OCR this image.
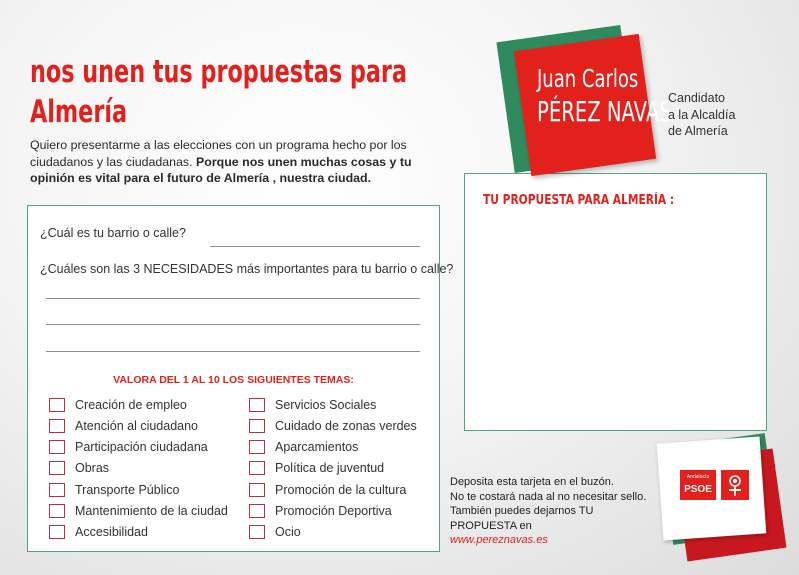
nos unen tus propuestas para
Almería
Quiero presentarme a las elecciones con un programa hecho por los ciudadanos y las ciudadanas. Porque nos unen muchas cosas y tu opinión es vital para el futuro de Almería , nuestra ciudad.
¿Cuál es tu barrio o calle?
¿Cuáles son las 3 NECESIDADES más importantes para tu barrio o calle?
VALORA DEL 1 AL 10 LOS SIGUIENTES TEMAS:
Creación de empleo
Atención al ciudadano
Participación ciudadana
Obras
Transporte Público
Mantenimiento de la ciudad
Accesibilidad
Servicios Sociales
Cuidado de zonas verdes
Aparcamientos
Política de juventud
Promoción de la cultura
Promoción Deportiva
Ocio
TU PROPUESTA PARA ALMERÍA :
Juan Carlos
PÉREZ NAVAS
Candidato
a la Alcaldía
de Almería
Deposita esta tarjeta en el buzón.
No te costará nada al no necesitar sello.
También puedes dejarnos TU
PROPUESTA en
www.pereznavas.es
Andalucía
PSOE
